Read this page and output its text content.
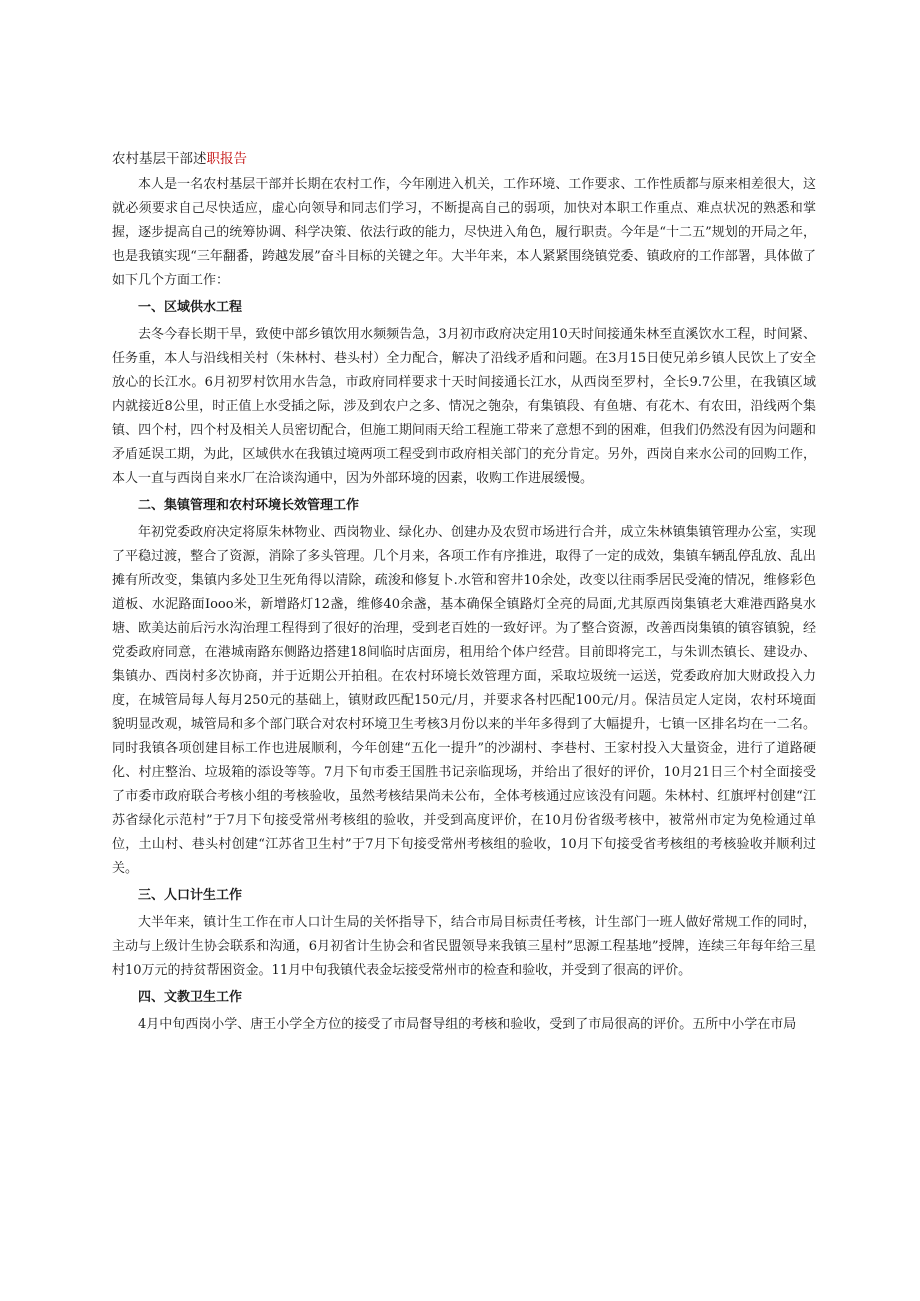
农村基层干部述职报告

本人是一名农村基层干部并长期在农村工作，今年刚进入机关，工作环境、工作要求、工作性质都与原来相差很大，这就必须要求自己尽快适应，虚心向领导和同志们学习，不断提高自己的弱项，加快对本职工作重点、难点状况的熟悉和掌握，逐步提高自己的统筹协调、科学决策、依法行政的能力，尽快进入角色，履行职责。今年是“十二五”规划的开局之年，也是我镇实现“三年翻番，跨越发展”奋斗目标的关键之年。大半年来，本人紧紧围绕镇党委、镇政府的工作部署，具体做了如下几个方面工作：

一、区域供水工程

去冬今春长期干旱，致使中部乡镇饮用水频频告急，3月初市政府决定用10天时间接通朱林至直溪饮水工程，时间紧、任务重，本人与沿线相关村（朱林村、巷头村）全力配合，解决了沿线矛盾和问题。在3月15日使兄弟乡镇人民饮上了安全放心的长江水。6月初罗村饮用水告急，市政府同样要求十天时间接通长江水，从西岗至罗村，全长9.7公里，在我镇区域内就接近8公里，时正值上水受插之际，涉及到农户之多、情况之匏杂，有集镇段、有鱼塘、有花木、有农田，沿线两个集镇、四个村，四个村及相关人员密切配合，但施工期间雨天给工程施工带来了意想不到的困难，但我们仍然没有因为问题和矛盾延误工期，为此，区域供水在我镇过境两项工程受到市政府相关部门的充分肯定。另外，西岗自来水公司的回购工作，本人一直与西岗自来水厂在洽谈沟通中，因为外部环境的因素，收购工作进展缓慢。

二、集镇管理和农村环境长效管理工作

年初党委政府决定将原朱林物业、西岗物业、绿化办、创建办及农贸市场进行合并，成立朱林镇集镇管理办公室，实现了平稳过渡，整合了资源，消除了多头管理。几个月来，各项工作有序推进，取得了一定的成效，集镇车辆乱停乱放、乱出摊有所改变，集镇内多处卫生死角得以清除，疏浚和修复卜.水管和窖井10余处，改变以往雨季居民受淹的情况，维修彩色道板、水泥路面Iooo米，新增路灯12盏，维修40余盏，基本确保全镇路灯全亮的局面,尤其原西岗集镇老大难港西路臭水塘、欧美达前后污水沟治理工程得到了很好的治理，受到老百姓的一致好评。为了整合资源，改善西岗集镇的镇容镇貌，经党委政府同意，在港城南路东侧路边搭建18间临时店面房，租用给个体户经营。目前即将完工，与朱训杰镇长、建设办、集镇办、西岗村多次协商，并于近期公开拍租。在农村环境长效管理方面，采取垃圾统一运送，党委政府加大财政投入力度，在城管局每人每月250元的基础上，镇财政匹配150元/月，并要求各村匹配100元/月。保洁员定人定岗，农村环境面貌明显改观，城管局和多个部门联合对农村环境卫生考核3月份以来的半年多得到了大幅提升，七镇一区排名均在一二名。同时我镇各项创建目标工作也进展顺利，今年创建“五化一提升”的沙湖村、李巷村、王家村投入大量资金，进行了道路硬化、村庄整治、垃圾箱的添设等等。7月下旬市委王国胜书记亲临现场，并给出了很好的评价，10月21日三个村全面接受了市委市政府联合考核小组的考核验收，虽然考核结果尚未公布，全体考核通过应该没有问题。朱林村、红旗坪村创建“江苏省绿化示范村”于7月下旬接受常州考核组的验收，并受到高度评价，在10月份省级考核中，被常州市定为免检通过单位，土山村、巷头村创建“江苏省卫生村”于7月下旬接受常州考核组的验收，10月下旬接受省考核组的考核验收并顺利过关。

三、人口计生工作

大半年来，镇计生工作在市人口计生局的关怀指导下，结合市局目标责任考核，计生部门一班人做好常规工作的同时，主动与上级计生协会联系和沟通，6月初省计生协会和省民盟领导来我镇三星村”思源工程基地”授牌，连续三年每年给三星村10万元的持贫帮困资金。11月中旬我镇代表金坛接受常州市的检查和验收，并受到了很高的评价。

四、文教卫生工作

4月中旬西岗小学、唐王小学全方位的接受了市局督导组的考核和验收，受到了市局很高的评价。五所中小学在市局
